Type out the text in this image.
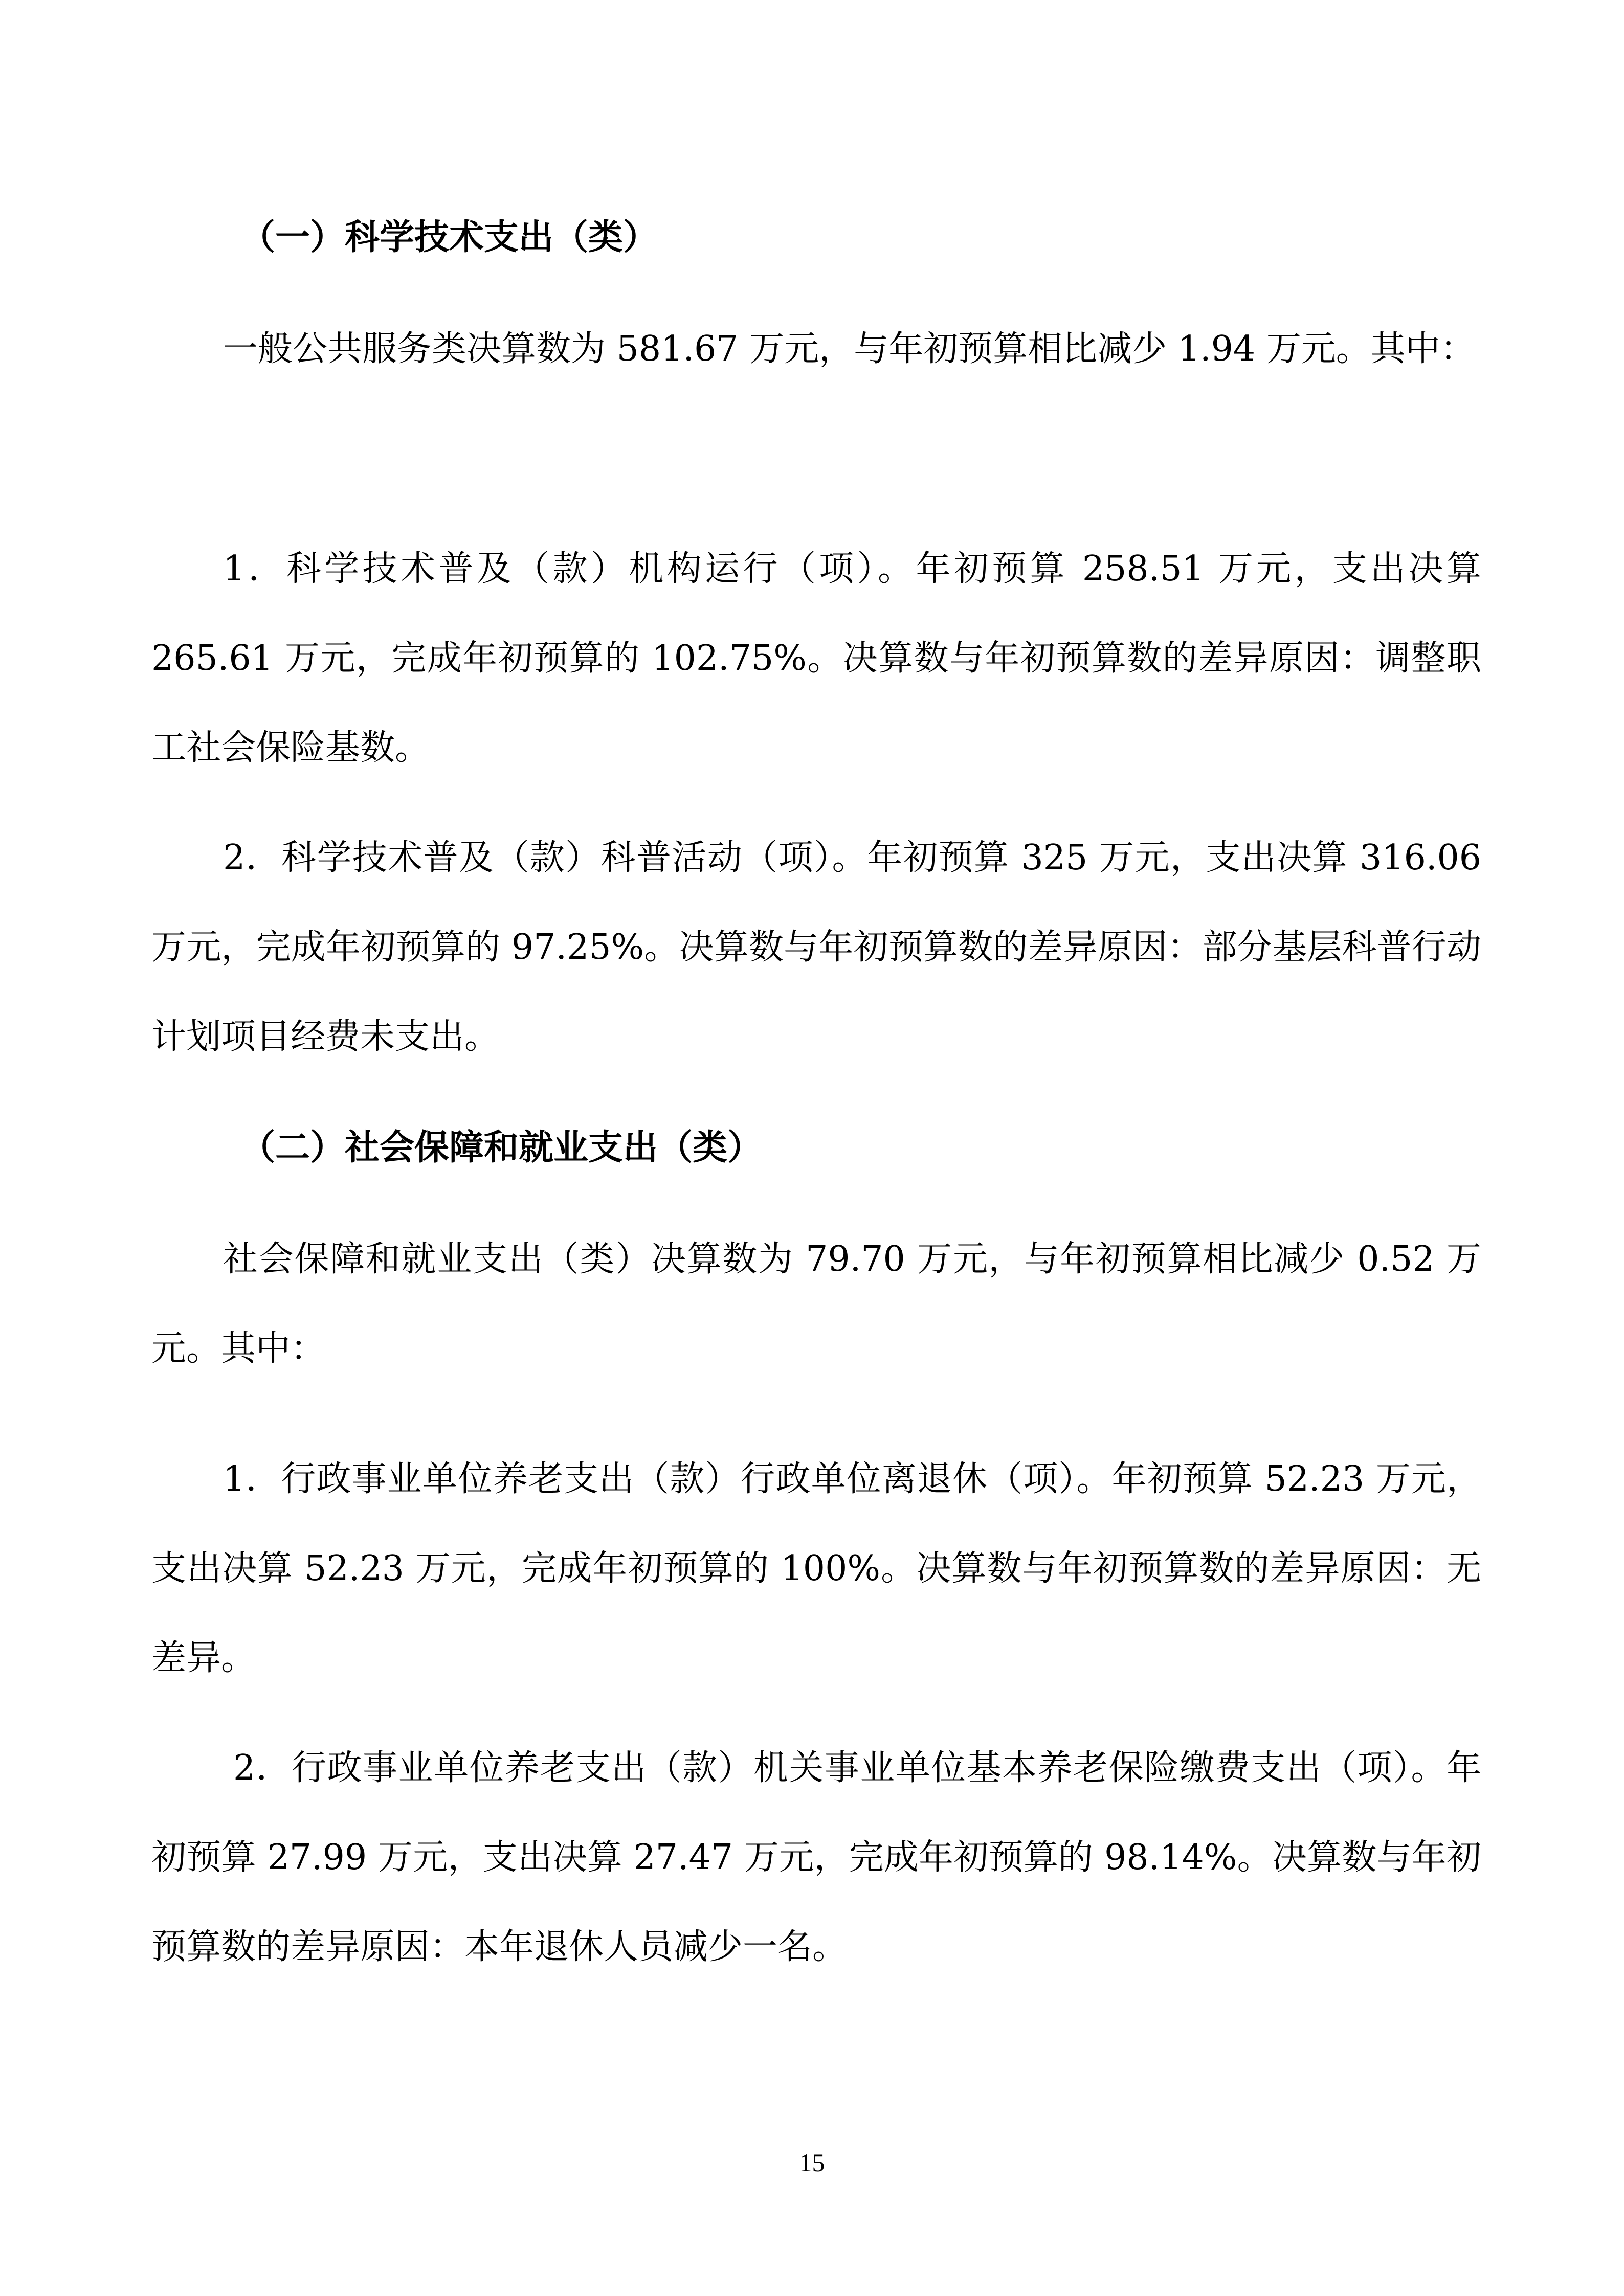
（一）科学技术支出（类）

一般公共服务类决算数为 581.67 万元，与年初预算相比减少 1.94 万元。其中：

1．科学技术普及（款）机构运行（项）。年初预算 258.51 万元，支出决算 265.61 万元，完成年初预算的 102.75%。决算数与年初预算数的差异原因：调整职工社会保险基数。

2．科学技术普及（款）科普活动（项）。年初预算 325 万元，支出决算 316.06 万元，完成年初预算的 97.25%。决算数与年初预算数的差异原因：部分基层科普行动计划项目经费未支出。

（二）社会保障和就业支出（类）

社会保障和就业支出（类）决算数为 79.70 万元，与年初预算相比减少 0.52 万元。其中：

1．行政事业单位养老支出（款）行政单位离退休（项）。年初预算 52.23 万元，支出决算 52.23 万元，完成年初预算的 100%。决算数与年初预算数的差异原因：无差异。

2．行政事业单位养老支出（款）机关事业单位基本养老保险缴费支出（项）。年初预算 27.99 万元，支出决算 27.47 万元，完成年初预算的 98.14%。决算数与年初预算数的差异原因：本年退休人员减少一名。

15
